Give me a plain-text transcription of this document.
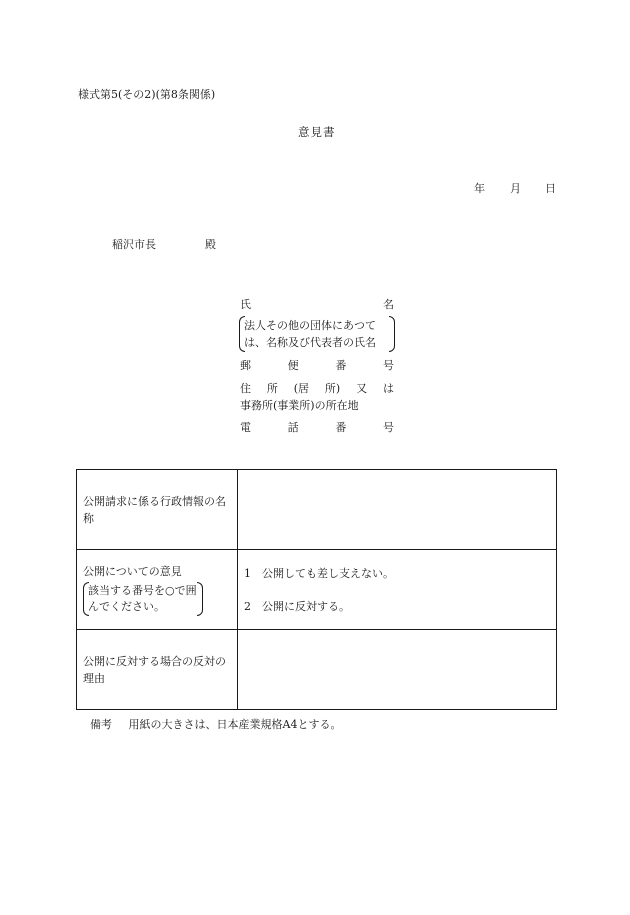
様式第5(その2)(第8条関係)
意見書
年 月 日
稲沢市長	殿
氏	名
法人その他の団体にあつて
は、名称及び代表者の氏名
郵	便	番	号
住 所 (居 所) 又 は
事務所(事業所)の所在地
電	話	番	号
公開請求に係る行政情報の名称	

公開についての意見
該当する番号を○で囲んでください。	1　公開しても差し支えない。
2　公開に反対する。

公開に反対する場合の反対の理由	
備考 用紙の大きさは、日本産業規格A4とする。
